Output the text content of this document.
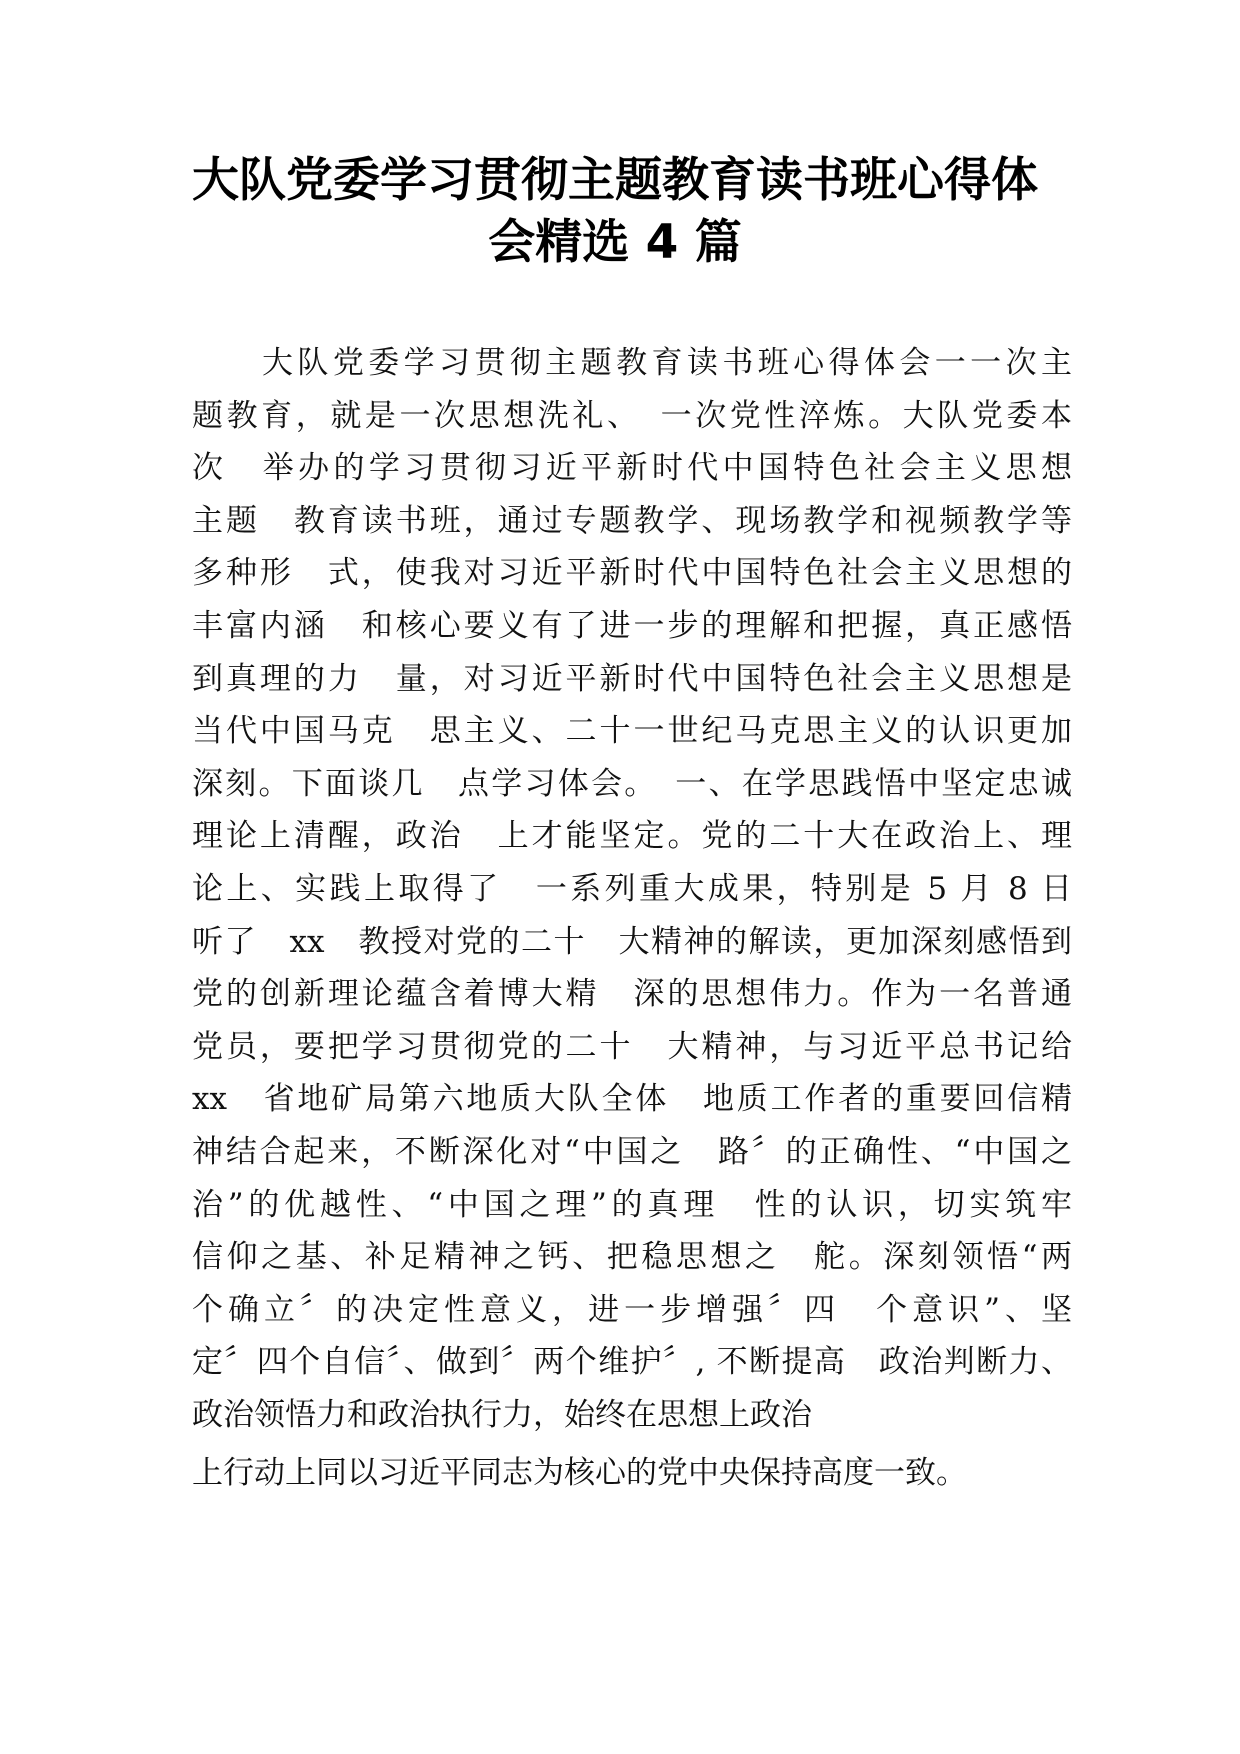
大队党委学习贯彻主题教育读书班心得体
会精选 4 篇
大队党委学习贯彻主题教育读书班心得体会一一次主
题教育，就是一次思想洗礼、　一次党性淬炼。大队党委本
次　举办的学习贯彻习近平新时代中国特色社会主义思想
主题　教育读书班，通过专题教学、现场教学和视频教学等
多种形　式，使我对习近平新时代中国特色社会主义思想的
丰富内涵　和核心要义有了进一步的理解和把握，真正感悟
到真理的力　量，对习近平新时代中国特色社会主义思想是
当代中国马克　思主义、二十一世纪马克思主义的认识更加
深刻。下面谈几　点学习体会。　一、在学思践悟中坚定忠诚
理论上清醒，政治　上才能坚定。党的二十大在政治上、理
论上、实践上取得了　一系列重大成果，特别是 5 月 8 日
听了　xx　教授对党的二十　大精神的解读，更加深刻感悟到
党的创新理论蕴含着博大精　深的思想伟力。作为一名普通
党员，要把学习贯彻党的二十　大精神，与习近平总书记给
xx　省地矿局第六地质大队全体　地质工作者的重要回信精
神结合起来，不断深化对“中国之　路〞的正确性、“中国之
治”的优越性、“中国之理”的真理　性的认识，切实筑牢
信仰之基、补足精神之钙、把稳思想之　舵。深刻领悟“两
个确立〞的决定性意义，进一步增强〞四　个意识”、坚
定〞四个自信〞、做到〞两个维护〞, 不断提高　政治判断力、
政治领悟力和政治执行力，始终在思想上政治
上行动上同以习近平同志为核心的党中央保持高度一致。
